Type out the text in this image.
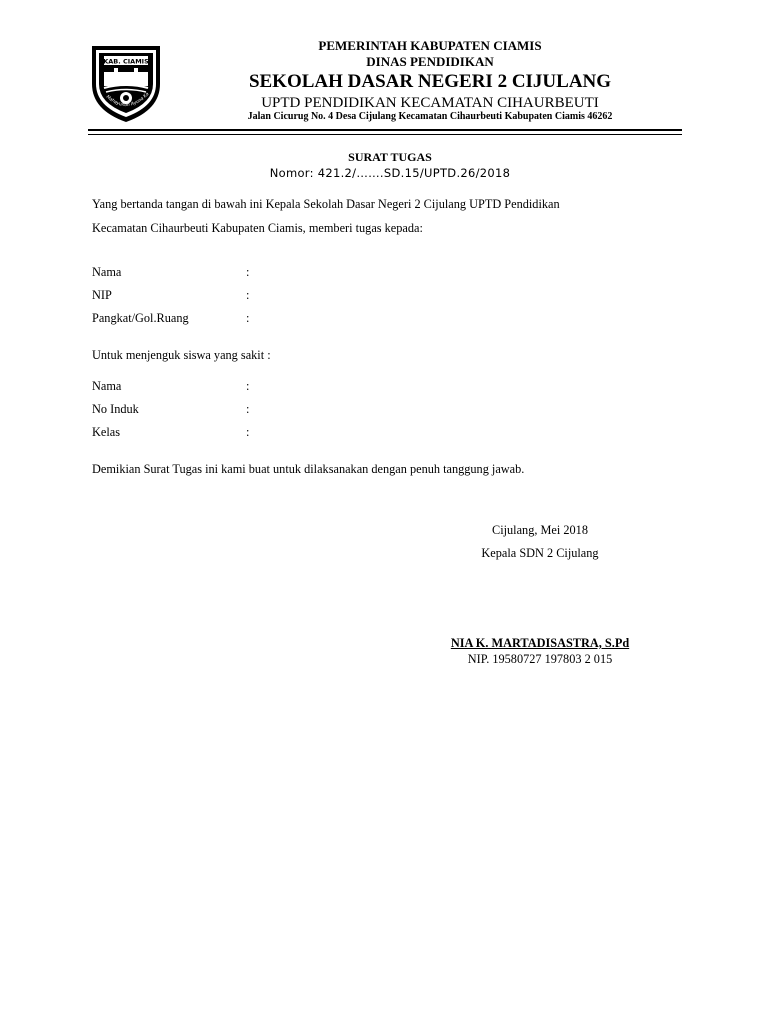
KAB. CIAMIS
Mahayunan Ayuna Ka
PEMERINTAH KABUPATEN CIAMIS
DINAS PENDIDIKAN
SEKOLAH DASAR NEGERI 2 CIJULANG
UPTD PENDIDIKAN KECAMATAN CIHAURBEUTI
Jalan Cicurug No. 4 Desa Cijulang Kecamatan Cihaurbeuti Kabupaten Ciamis 46262
SURAT TUGAS
Nomor: 421.2/…….SD.15/UPTD.26/2018
Yang bertanda tangan di bawah ini Kepala Sekolah Dasar Negeri 2 Cijulang UPTD Pendidikan
Kecamatan Cihaurbeuti Kabupaten Ciamis, memberi tugas kepada:
Nama	:
NIP	:
Pangkat/Gol.Ruang	:
Untuk menjenguk siswa yang sakit :
Nama	:
No Induk	:
Kelas	:
Demikian Surat Tugas ini kami buat untuk dilaksanakan dengan penuh tanggung jawab.
Cijulang, Mei 2018
Kepala SDN 2 Cijulang
NIA K. MARTADISASTRA, S.Pd
NIP. 19580727 197803 2 015
